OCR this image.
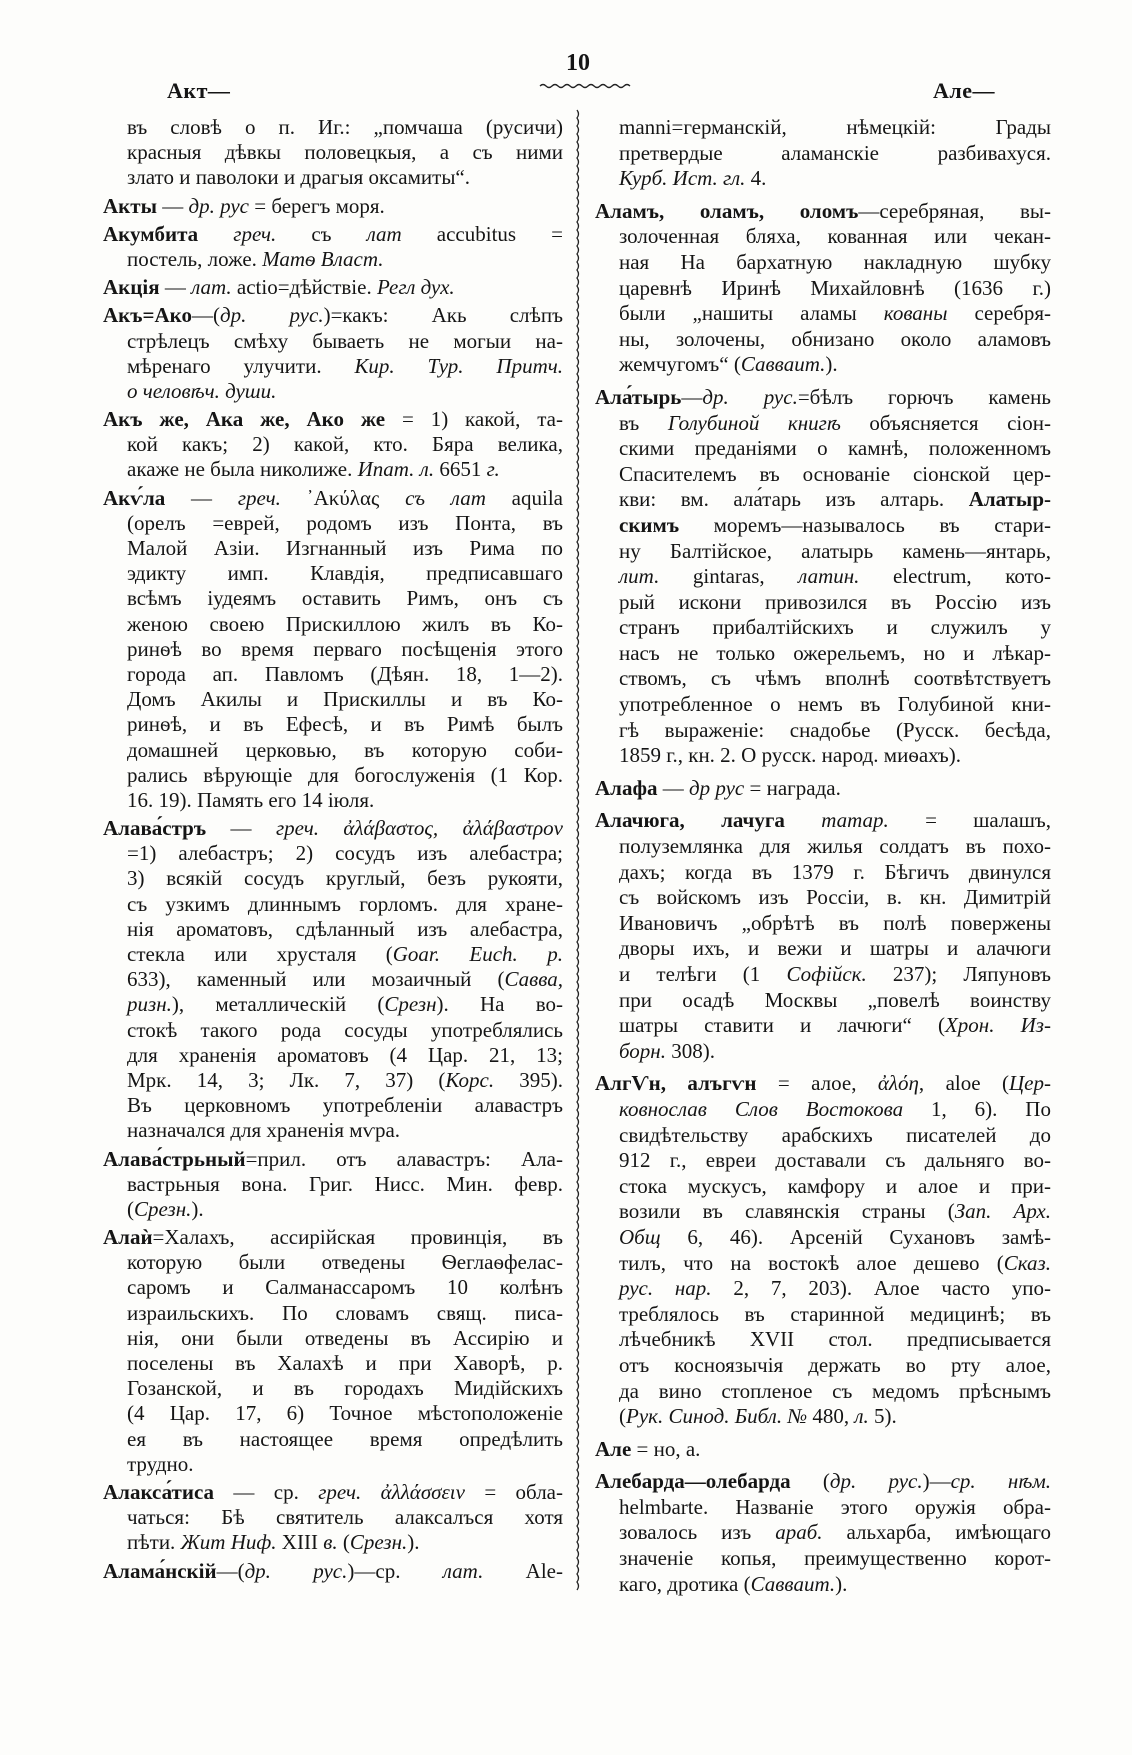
Акт—
10
Але—
въ словѣ о п. Иг.: „помчаша (русичи)
красныя дѣвкы половецкыя, а съ ними
злато и паволоки и драгыя оксамиты“.
Акты — др. рус = берегъ моря.
Акумбита греч. съ лат accubitus =
постель, ложе. Матѳ Власт.
Акція — лат. actio=дѣйствіе. Регл дух.
Акъ=Ако—(др. рус.)=какъ: Акь слѣпъ
стрѣлецъ смѣху бываеть не могыи на-
мѣренаго улучити. Кир. Тур. Притч.
о человѣч. души.
Акъ же, Ака же, Ако же = 1) какой, та-
кой какъ; 2) какой, кто. Бяра велика,
акаже не была николиже. Ипат. л. 6651 г.
Акѵ́ла — греч. ᾿Ακύλας съ лат aquila
(орелъ =еврей, родомъ изъ Понта, въ
Малой Азіи. Изгнанный изъ Рима по
эдикту имп. Клавдія, предписавшаго
всѣмъ іудеямъ оставить Римъ, онъ съ
женою своею Прискиллою жилъ въ Ко-
ринѳѣ во время перваго посѣщенія этого
города ап. Павломъ (Дѣян. 18, 1—2).
Домъ Акилы и Прискиллы и въ Ко-
ринѳѣ, и въ Ефесѣ, и въ Римѣ былъ
домашней церковью, въ которую соби-
рались вѣрующіе для богослуженія (1 Кор.
16. 19). Память его 14 іюля.
Алава́стръ — греч. ἀλάβαστος, ἀλάβαστρον
=1) алебастръ; 2) сосудъ изъ алебастра;
3) всякій сосудъ круглый, безъ рукояти,
съ узкимъ длиннымъ горломъ. для хране-
нія ароматовъ, сдѣланный изъ алебастра,
стекла или хрусталя (Goar. Euch. p.
633), каменный или мозаичный (Савва,
ризн.), металлическій (Срезн). На во-
стокѣ такого рода сосуды употреблялись
для храненія ароматовъ (4 Цар. 21, 13;
Мрк. 14, 3; Лк. 7, 37) (Корс. 395).
Въ церковномъ употребленіи алавастръ
назначался для храненія мѵра.
Алава́стрьный=прил. отъ алавастръ: Ала-
вастрьныя вона. Григ. Нисс. Мин. февр.
(Срезн.).
Алаѝ=Халахъ, ассирійская провинція, въ
которую были отведены Ѳеглаѳфелас-
саромъ и Салманассаромъ 10 колѣнъ
израильскихъ. По словамъ свящ. писа-
нія, они были отведены въ Ассирію и
поселены въ Халахѣ и при Хаворѣ, р.
Гозанской, и въ городахъ Мидійскихъ
(4 Цар. 17, 6) Точное мѣстоположеніе
ея въ настоящее время опредѣлить
трудно.
Алакса́тиса — ср. греч. ἀλλάσσειν = обла-
чаться: Бѣ святитель алаксалъся хотя
пѣти. Жит Ниф. XIII в. (Срезн.).
Алама́нскій—(др. рус.)—ср. лат. Ale-
manni=германскій, нѣмецкій: Грады
претвердые аламанскіе разбивахуся.
Курб. Ист. гл. 4.
Аламъ, оламъ, оломъ—серебряная, вы-
золоченная бляха, кованная или чекан-
ная На бархатную накладную шубку
царевнѣ Иринѣ Михайловнѣ (1636 г.)
были „нашиты аламы кованы серебря-
ны, золочены, обнизано около аламовъ
жемчугомъ“ (Саввaит.).
Ала́тырь—др. рус.=бѣлъ горючъ камень
въ Голубиной книгѣ объясняется сіон-
скими преданіями о камнѣ, положенномъ
Спасителемъ въ основаніе сіонской цер-
кви: вм. ала́тарь изъ алтарь. Алатыр-
скимъ моремъ—называлось въ стари-
ну Балтійское, алатырь камень—янтарь,
лит. gintaras, латин. electrum, кото-
рый искони привозился въ Россію изъ
странъ прибалтійскихъ и служилъ у
насъ не только ожерельемъ, но и лѣкар-
ствомъ, съ чѣмъ вполнѣ соотвѣтствуетъ
употребленное о немъ въ Голубиной кни-
гѣ выраженіе: снадобье (Русск. бесѣда,
1859 г., кн. 2. О русск. народ. миѳахъ).
Алафа — др рус = награда.
Алачюга, лачуга татар. = шалашъ,
полуземлянка для жилья солдатъ въ похо-
дахъ; когда въ 1379 г. Бѣгичъ двинулся
съ войскомъ изъ Россіи, в. кн. Димитрій
Ивановичъ „обрѣтѣ въ полѣ повержены
дворы ихъ, и вежи и шатры и алачюги
и телѣги (1 Софійск. 237); Ляпуновъ
при осадѣ Москвы „повелѣ воинству
шатры ставити и лачюги“ (Хрон. Из-
борн. 308).
АлгѴн, алъгѵн = алое, ἀλόη, aloe (Цер-
ковнослав Слов Востокова 1, 6). По
свидѣтельству арабскихъ писателей до
912 г., евреи доставали съ дальняго во-
стока мускусъ, камфору и алое и при-
возили въ славянскія страны (Зап. Арх.
Общ 6, 46). Арсеній Сухановъ замѣ-
тилъ, что на востокѣ алое дешево (Сказ.
рус. нар. 2, 7, 203). Алое часто упо-
треблялось въ старинной медицинѣ; въ
лѣчебникѣ XVII стол. предписывается
отъ косноязычія держать во рту алое,
да вино стопленое съ медомъ прѣснымъ
(Рук. Синод. Библ. № 480, л. 5).
Але = но, а.
Алебарда—олебарда (др. рус.)—ср. нѣм.
helmbarte. Названіе этого оружія обра-
зовалось изъ араб. альхарба, имѣющаго
значеніе копья, преимущественно корот-
каго, дротика (Саввaит.).
